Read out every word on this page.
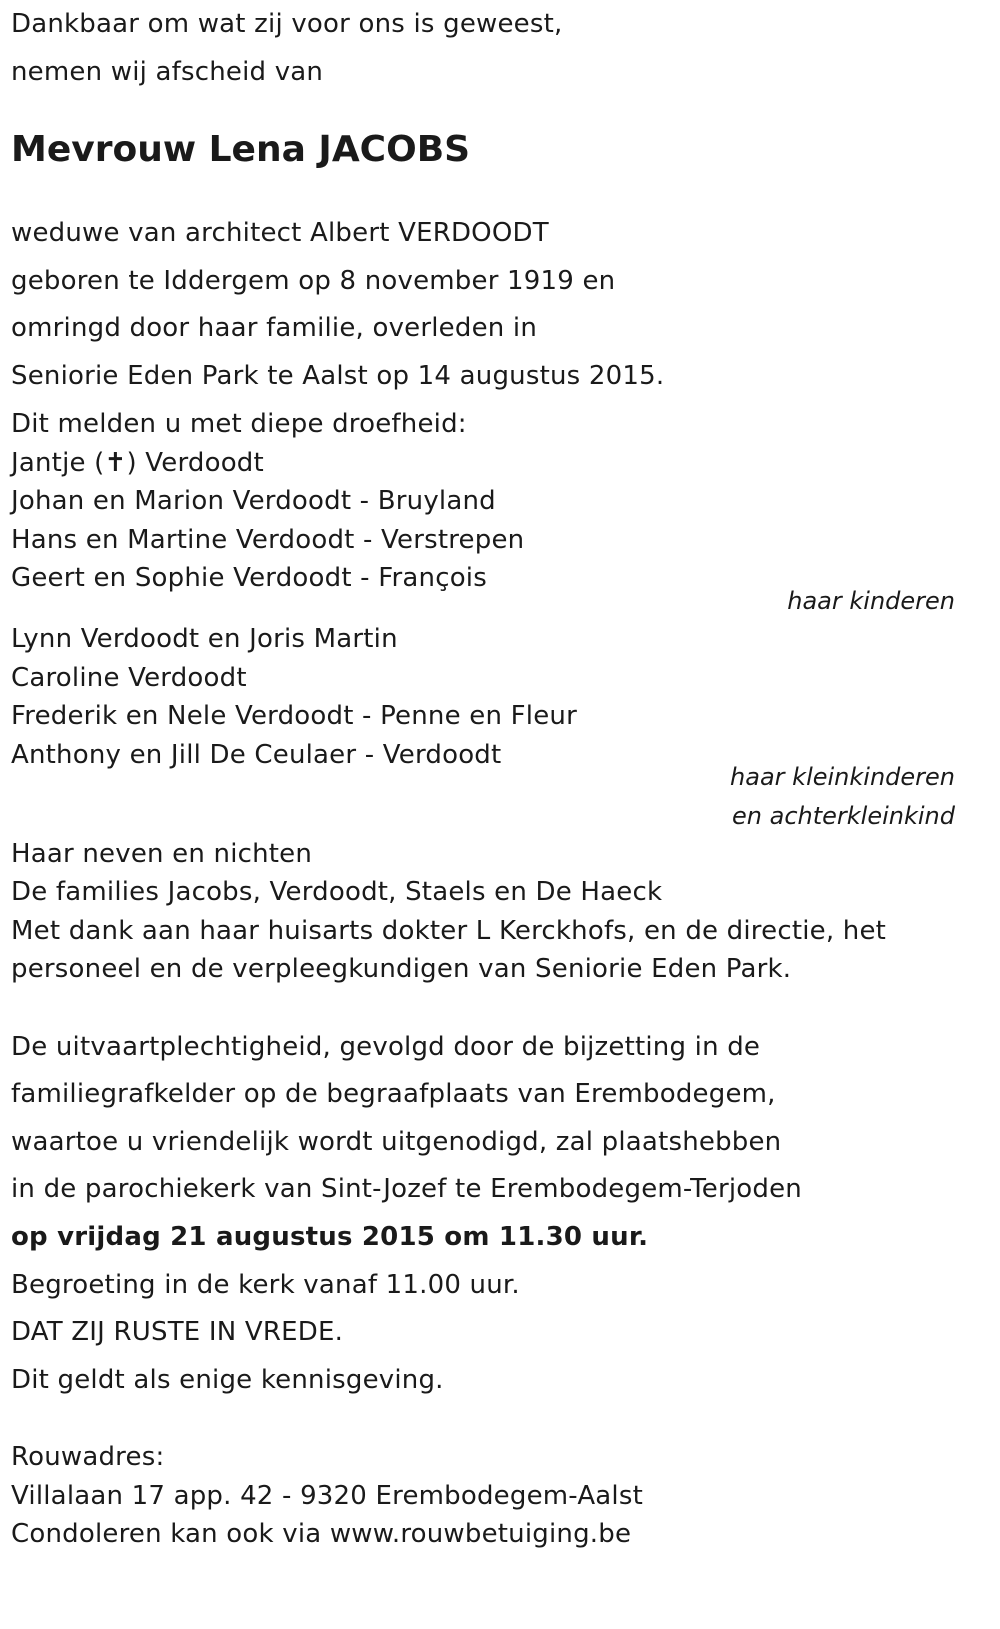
Dankbaar om wat zij voor ons is geweest,
nemen wij afscheid van
Mevrouw Lena JACOBS
weduwe van architect Albert VERDOODT
geboren te Iddergem op 8 november 1919 en
omringd door haar familie, overleden in
Seniorie Eden Park te Aalst op 14 augustus 2015.
Dit melden u met diepe droefheid:
Jantje (✝) Verdoodt
Johan en Marion Verdoodt - Bruyland
Hans en Martine Verdoodt - Verstrepen
Geert en Sophie Verdoodt - François
haar kinderen
Lynn Verdoodt en Joris Martin
Caroline Verdoodt
Frederik en Nele Verdoodt - Penne en Fleur
Anthony en Jill De Ceulaer - Verdoodt
haar kleinkinderen
en achterkleinkind
Haar neven en nichten
De families Jacobs, Verdoodt, Staels en De Haeck
Met dank aan haar huisarts dokter L Kerckhofs, en de directie, het
personeel en de verpleegkundigen van Seniorie Eden Park.
De uitvaartplechtigheid, gevolgd door de bijzetting in de
familiegrafkelder op de begraafplaats van Erembodegem,
waartoe u vriendelijk wordt uitgenodigd, zal plaatshebben
in de parochiekerk van Sint-Jozef te Erembodegem-Terjoden
op vrijdag 21 augustus 2015 om 11.30 uur.
Begroeting in de kerk vanaf 11.00 uur.
DAT ZIJ RUSTE IN VREDE.
Dit geldt als enige kennisgeving.
Rouwadres:
Villalaan 17 app. 42 - 9320 Erembodegem-Aalst
Condoleren kan ook via www.rouwbetuiging.be
